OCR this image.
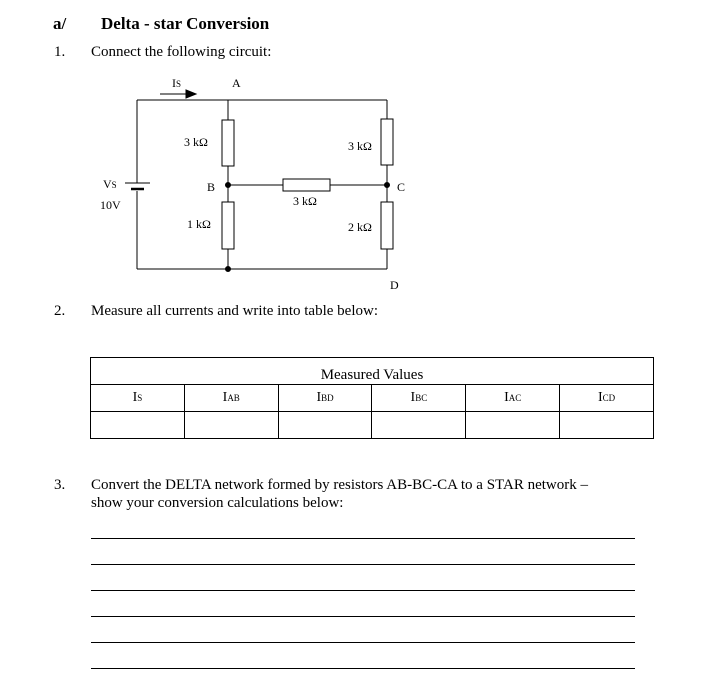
a/ Delta - star Conversion
1. Connect the following circuit:
IS	A
3 kΩ	3 kΩ
B	C
3 kΩ
VS
10V
1 kΩ	2 kΩ
D
2. Measure all currents and write into table below:
Measured Values					
IS	IAB	IBD	IBC	IAC	ICD

3. Convert the DELTA network formed by resistors AB-BC-CA to a STAR network –
show your conversion calculations below:
